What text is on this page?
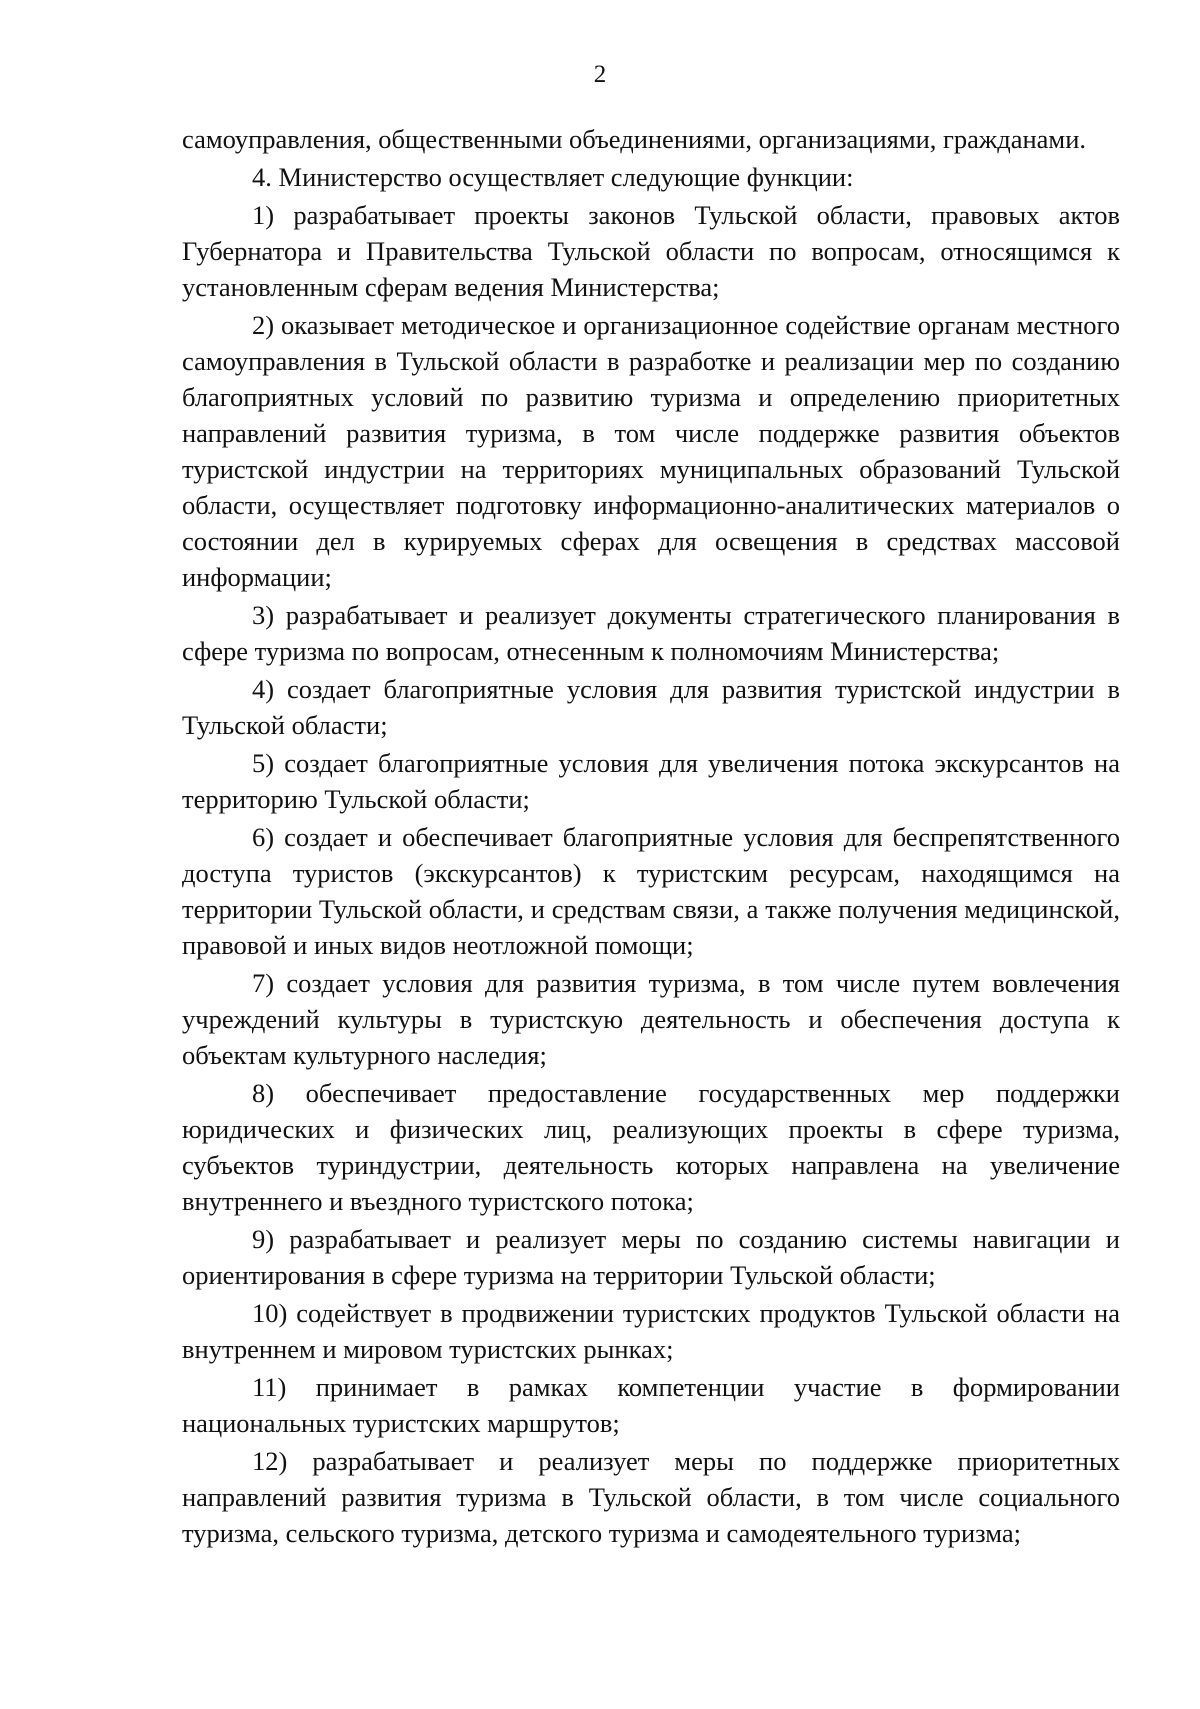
2

самоуправления, общественными объединениями, организациями, гражданами.

4. Министерство осуществляет следующие функции:

1) разрабатывает проекты законов Тульской области, правовых актов Губернатора и Правительства Тульской области по вопросам, относящимся к установленным сферам ведения Министерства;

2) оказывает методическое и организационное содействие органам местного самоуправления в Тульской области в разработке и реализации мер по созданию благоприятных условий по развитию туризма и определению приоритетных направлений развития туризма, в том числе поддержке развития объектов туристской индустрии на территориях муниципальных образований Тульской области, осуществляет подготовку информационно-аналитических материалов о состоянии дел в курируемых сферах для освещения в средствах массовой информации;

3) разрабатывает и реализует документы стратегического планирования в сфере туризма по вопросам, отнесенным к полномочиям Министерства;

4) создает благоприятные условия для развития туристской индустрии в Тульской области;

5) создает благоприятные условия для увеличения потока экскурсантов на территорию Тульской области;

6) создает и обеспечивает благоприятные условия для беспрепятственного доступа туристов (экскурсантов) к туристским ресурсам, находящимся на территории Тульской области, и средствам связи, а также получения медицинской, правовой и иных видов неотложной помощи;

7) создает условия для развития туризма, в том числе путем вовлечения учреждений культуры в туристскую деятельность и обеспечения доступа к объектам культурного наследия;

8) обеспечивает предоставление государственных мер поддержки юридических и физических лиц, реализующих проекты в сфере туризма, субъектов туриндустрии, деятельность которых направлена на увеличение внутреннего и въездного туристского потока;

9) разрабатывает и реализует меры по созданию системы навигации и ориентирования в сфере туризма на территории Тульской области;

10) содействует в продвижении туристских продуктов Тульской области на внутреннем и мировом туристских рынках;

11) принимает в рамках компетенции участие в формировании национальных туристских маршрутов;

12) разрабатывает и реализует меры по поддержке приоритетных направлений развития туризма в Тульской области, в том числе социального туризма, сельского туризма, детского туризма и самодеятельного туризма;
